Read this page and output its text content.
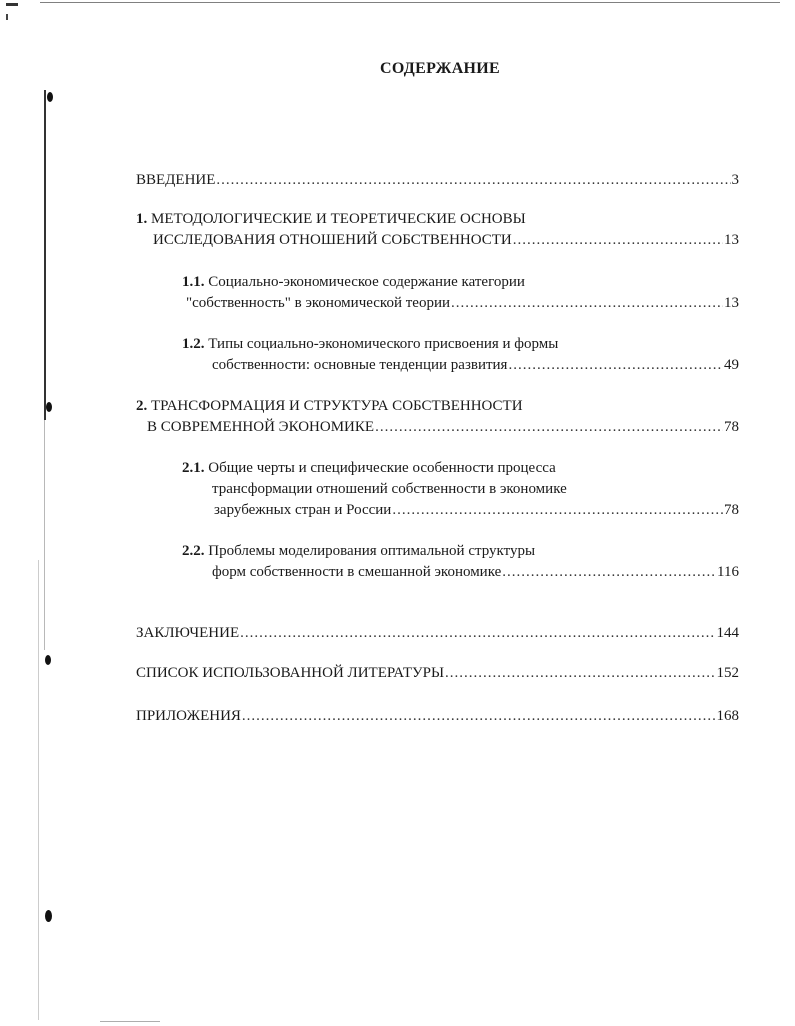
СОДЕРЖАНИЕ
ВВЕДЕНИЕ .....	3
1. МЕТОДОЛОГИЧЕСКИЕ И ТЕОРЕТИЧЕСКИЕ ОСНОВЫ
ИССЛЕДОВАНИЯ ОТНОШЕНИЙ СОБСТВЕННОСТИ .....	13
1.1. Социально-экономическое содержание категории
"собственность" в экономической теории .....	13
1.2. Типы социально-экономического присвоения и формы
собственности: основные тенденции развития .....	49
2. ТРАНСФОРМАЦИЯ И СТРУКТУРА СОБСТВЕННОСТИ
В СОВРЕМЕННОЙ ЭКОНОМИКЕ .....	78
2.1. Общие черты и специфические особенности процесса
трансформации отношений собственности в экономике
зарубежных стран и России .....	78
2.2. Проблемы моделирования оптимальной структуры
форм собственности в смешанной экономике .....	116
ЗАКЛЮЧЕНИЕ .....	144
СПИСОК ИСПОЛЬЗОВАННОЙ ЛИТЕРАТУРЫ .....	152
ПРИЛОЖЕНИЯ .....	168
